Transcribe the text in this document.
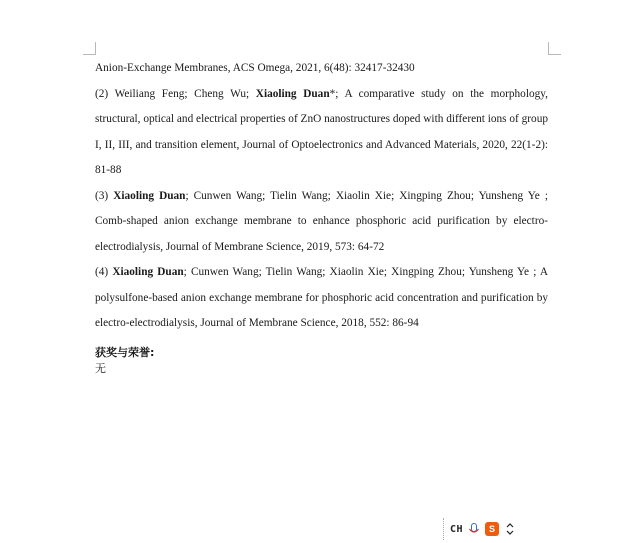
Anion-Exchange Membranes, ACS Omega, 2021, 6(48): 32417-32430

(2) Weiliang Feng; Cheng Wu; Xiaoling Duan*; A comparative study on the morphology, structural, optical and electrical properties of ZnO nanostructures doped with different ions of group I, II, III, and transition element, Journal of Optoelectronics and Advanced Materials, 2020, 22(1-2): 81-88

(3) Xiaoling Duan; Cunwen Wang; Tielin Wang; Xiaolin Xie; Xingping Zhou; Yunsheng Ye ; Comb-shaped anion exchange membrane to enhance phosphoric acid purification by electro-electrodialysis, Journal of Membrane Science, 2019, 573: 64-72

(4) Xiaoling Duan; Cunwen Wang; Tielin Wang; Xiaolin Xie; Xingping Zhou; Yunsheng Ye ; A polysulfone-based anion exchange membrane for phosphoric acid concentration and purification by electro-electrodialysis, Journal of Membrane Science, 2018, 552: 86-94

获奖与荣誉:
无
CH	S
